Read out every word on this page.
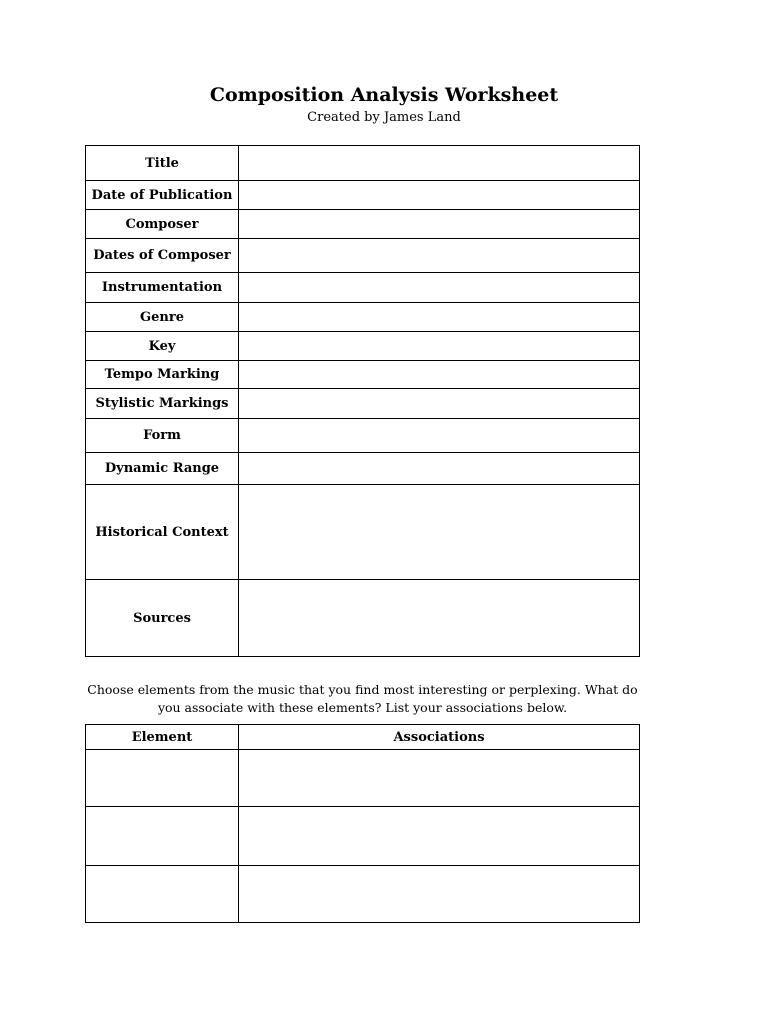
Composition Analysis Worksheet
Created by James Land
Title	
Date of Publication	
Composer	
Dates of Composer	
Instrumentation	
Genre	
Key	
Tempo Marking	
Stylistic Markings	
Form	
Dynamic Range	
Historical Context	
Sources	
Choose elements from the music that you find most interesting or perplexing. What do you associate with these elements? List your associations below.
Element	Associations
